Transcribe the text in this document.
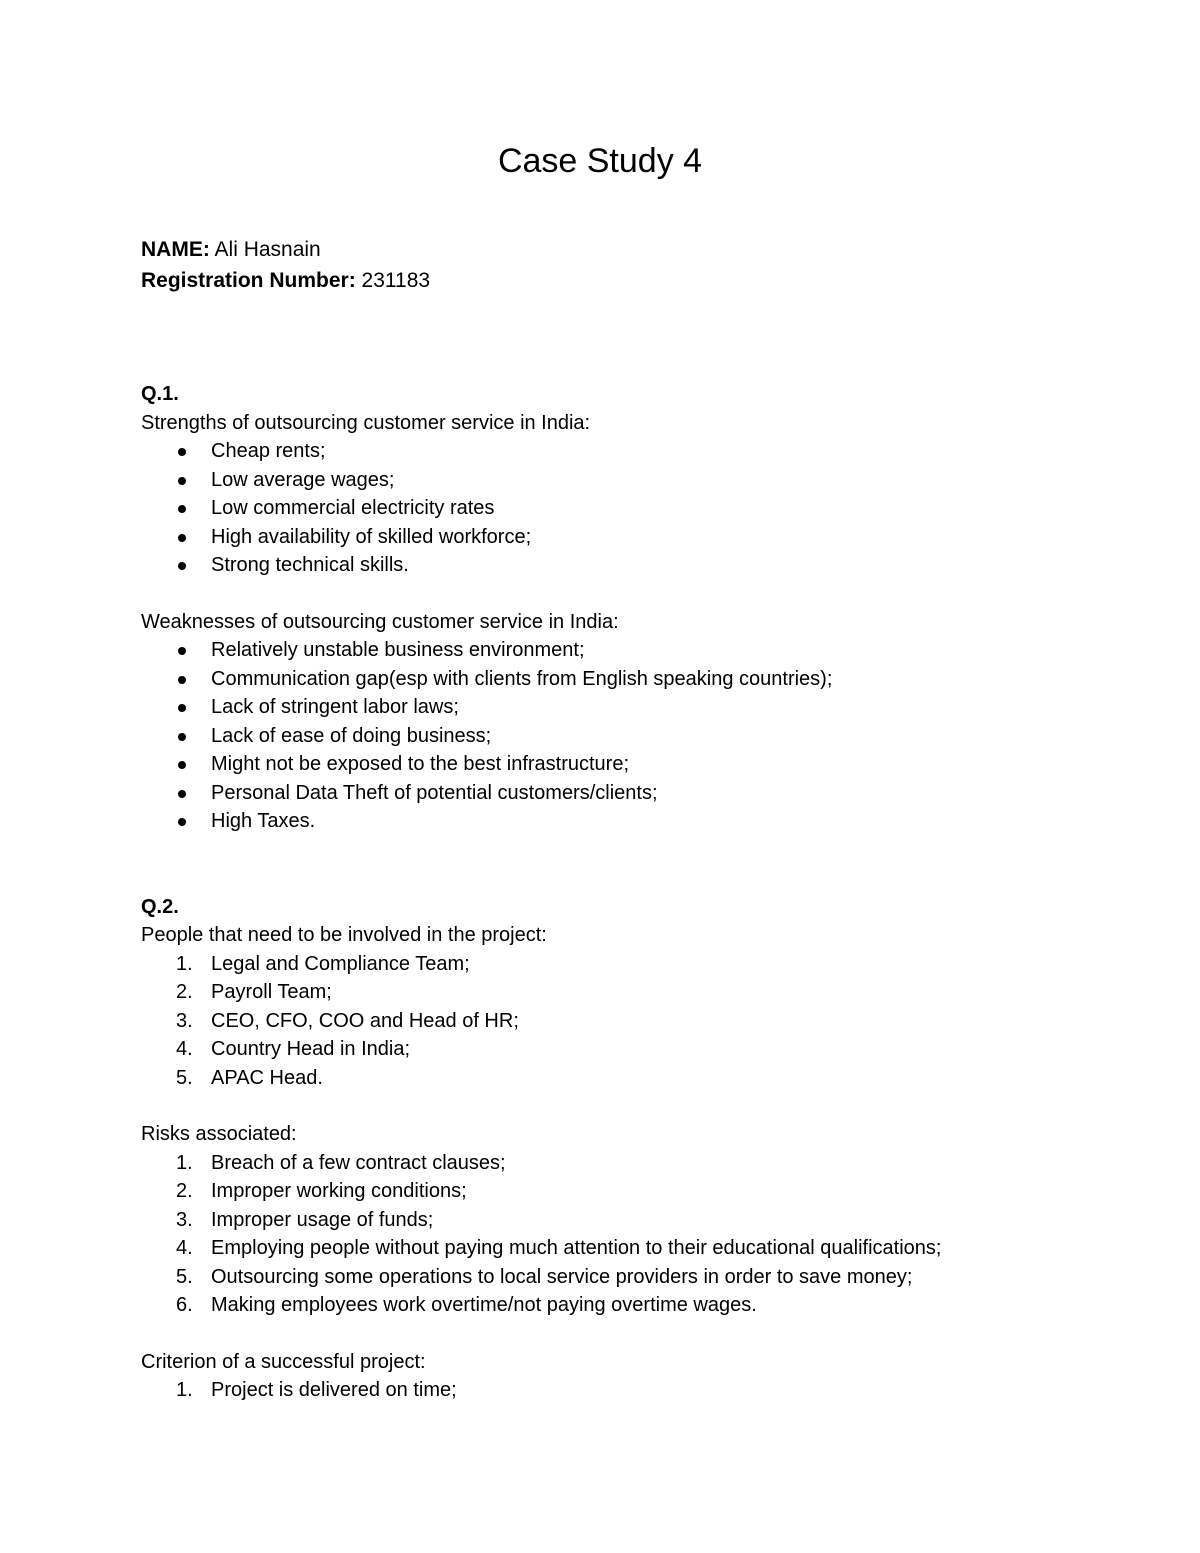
Case Study 4
NAME: Ali Hasnain
Registration Number: 231183
Q.1.
Strengths of outsourcing customer service in India:
Cheap rents;
Low average wages;
Low commercial electricity rates
High availability of skilled workforce;
Strong technical skills.
Weaknesses of outsourcing customer service in India:
Relatively unstable business environment;
Communication gap(esp with clients from English speaking countries);
Lack of stringent labor laws;
Lack of ease of doing business;
Might not be exposed to the best infrastructure;
Personal Data Theft of potential customers/clients;
High Taxes.
Q.2.
People that need to be involved in the project:
1. Legal and Compliance Team;
2. Payroll Team;
3. CEO, CFO, COO and Head of HR;
4. Country Head in India;
5. APAC Head.
Risks associated:
1. Breach of a few contract clauses;
2. Improper working conditions;
3. Improper usage of funds;
4. Employing people without paying much attention to their educational qualifications;
5. Outsourcing some operations to local service providers in order to save money;
6. Making employees work overtime/not paying overtime wages.
Criterion of a successful project:
1. Project is delivered on time;
